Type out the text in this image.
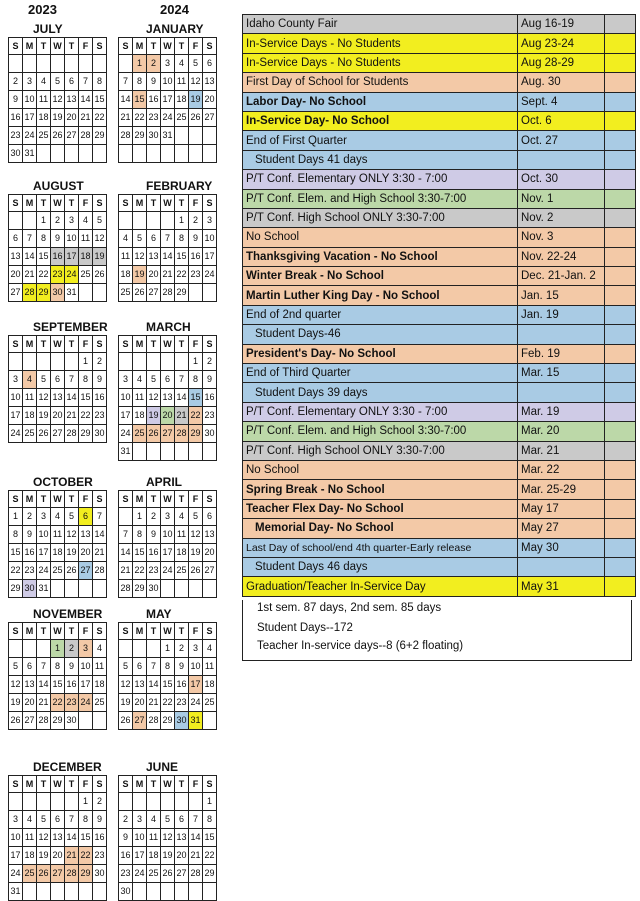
2023	2024
JULY
S	M	T	W	T	F	S

2	3	4	5	6	7	8
9	10	11	12	13	14	15
16	17	18	19	20	21	22
23	24	25	26	27	28	29
30	31					
JANUARY
S	M	T	W	T	F	S
	1	2	3	4	5	6
7	8	9	10	11	12	13
14	15	16	17	18	19	20
21	22	23	24	25	26	27
28	29	30	31			

AUGUST
S	M	T	W	T	F	S
		1	2	3	4	5
6	7	8	9	10	11	12
13	14	15	16	17	18	19
20	21	22	23	24	25	26
27	28	29	30	31		
FEBRUARY
S	M	T	W	T	F	S
				1	2	3
4	5	6	7	8	9	10
11	12	13	14	15	16	17
18	19	20	21	22	23	24
25	26	27	28	29		
SEPTEMBER
S	M	T	W	T	F	S
					1	2
3	4	5	6	7	8	9
10	11	12	13	14	15	16
17	18	19	20	21	22	23
24	25	26	27	28	29	30
MARCH
S	M	T	W	T	F	S
					1	2
3	4	5	6	7	8	9
10	11	12	13	14	15	16
17	18	19	20	21	22	23
24	25	26	27	28	29	30
31						
OCTOBER
S	M	T	W	T	F	S
1	2	3	4	5	6	7
8	9	10	11	12	13	14
15	16	17	18	19	20	21
22	23	24	25	26	27	28
29	30	31				
APRIL
S	M	T	W	T	F	S
	1	2	3	4	5	6
7	8	9	10	11	12	13
14	15	16	17	18	19	20
21	22	23	24	25	26	27
28	29	30				
NOVEMBER
S	M	T	W	T	F	S
			1	2	3	4
5	6	7	8	9	10	11
12	13	14	15	16	17	18
19	20	21	22	23	24	25
26	27	28	29	30		
MAY
S	M	T	W	T	F	S
			1	2	3	4
5	6	7	8	9	10	11
12	13	14	15	16	17	18
19	20	21	22	23	24	25
26	27	28	29	30	31	
DECEMBER
S	M	T	W	T	F	S
					1	2
3	4	5	6	7	8	9
10	11	12	13	14	15	16
17	18	19	20	21	22	23
24	25	26	27	28	29	30
31						
JUNE
S	M	T	W	T	F	S
						1
2	3	4	5	6	7	8
9	10	11	12	13	14	15
16	17	18	19	20	21	22
23	24	25	26	27	28	29
30						
Idaho County Fair	Aug 16-19	
In-Service Days - No Students	Aug 23-24	
In-Service Days - No Students	Aug 28-29	
First Day of School for Students	Aug. 30	
Labor Day- No School	Sept. 4	
In-Service Day- No School	Oct. 6	
End of First Quarter	Oct. 27	
Student Days 41 days		
P/T Conf. Elementary ONLY 3:30 - 7:00	Oct. 30	
P/T Conf. Elem. and High School 3:30-7:00	Nov. 1	
P/T Conf. High School ONLY 3:30-7:00	Nov. 2	
No School	Nov. 3	
Thanksgiving Vacation - No School	Nov. 22-24	
Winter Break - No School	Dec. 21-Jan. 2	
Martin Luther King Day - No School	Jan. 15	
End of 2nd quarter	Jan. 19	
Student Days-46		
President's Day- No School	Feb. 19	
End of Third Quarter	Mar. 15	
Student Days 39 days		
P/T Conf. Elementary ONLY 3:30 - 7:00	Mar. 19	
P/T Conf. Elem. and High School 3:30-7:00	Mar. 20	
P/T Conf. High School ONLY 3:30-7:00	Mar. 21	
No School	Mar. 22	
Spring Break - No School	Mar. 25-29	
Teacher Flex Day- No School	May 17	
Memorial Day- No School	May 27	
Last Day of school/end 4th quarter-Early release	May 30	
Student Days 46 days		
Graduation/Teacher In-Service Day	May 31	
1st sem. 87 days, 2nd sem. 85 days
Student Days--172
Teacher In-service days--8 (6+2 floating)
